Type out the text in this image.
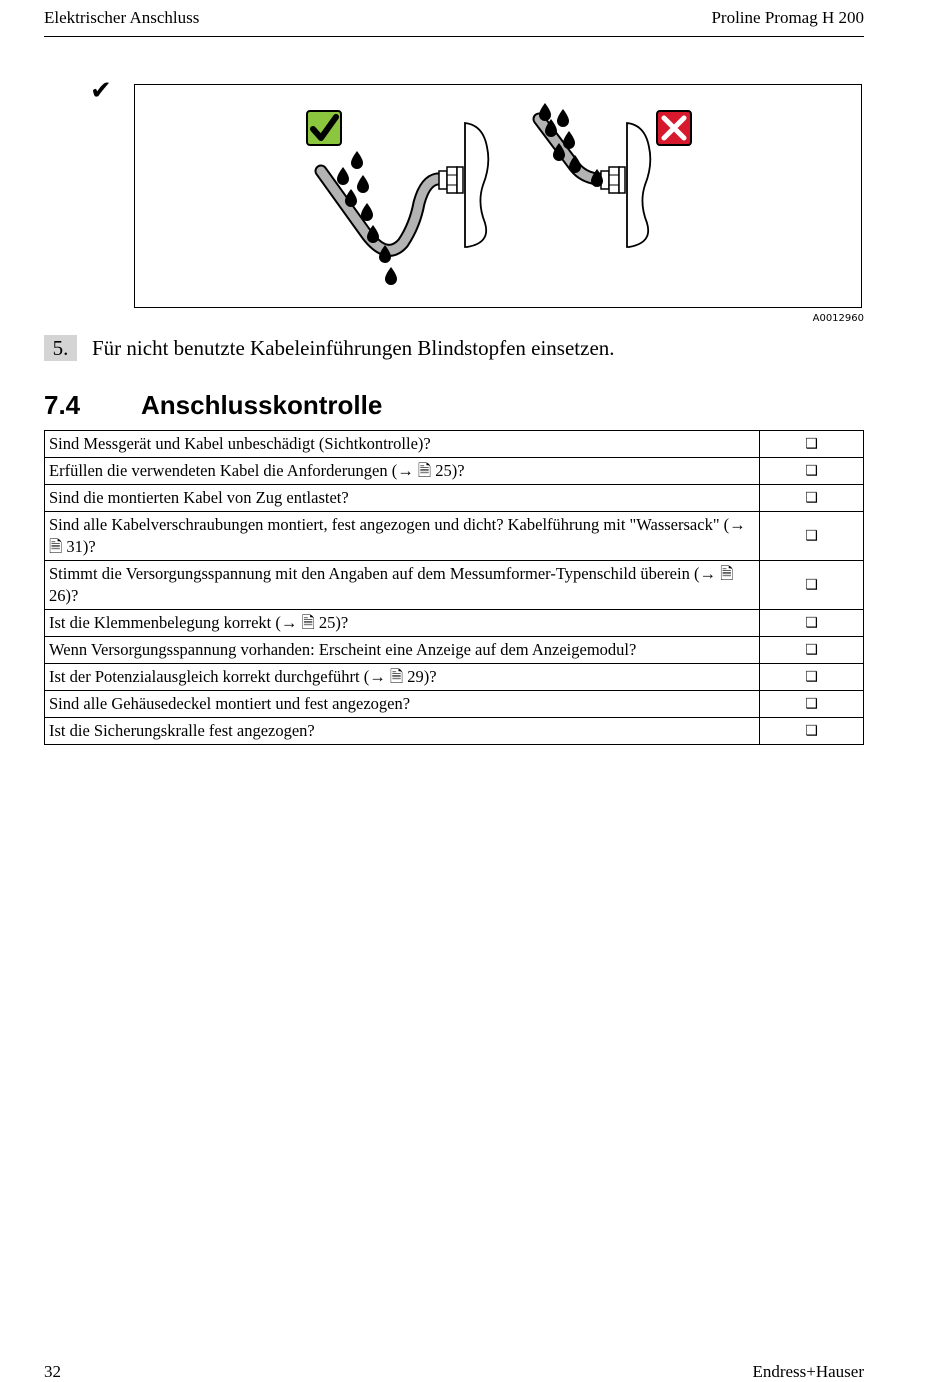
Elektrischer Anschluss	Proline Promag H 200
✔
A0012960
5.	Für nicht benutzte Kabeleinführungen Blindstopfen einsetzen.
7.4 Anschlusskontrolle
Sind Messgerät und Kabel unbeschädigt (Sichtkontrolle)?	❑
Erfüllen die verwendeten Kabel die Anforderungen (→ 🗎 25)?	❑
Sind die montierten Kabel von Zug entlastet?	❑
Sind alle Kabelverschraubungen montiert, fest angezogen und dicht? Kabelführung mit "Wassersack" (→ 🗎 31)?	❑
Stimmt die Versorgungsspannung mit den Angaben auf dem Messumformer-Typenschild überein (→ 🗎 26)?	❑
Ist die Klemmenbelegung korrekt (→ 🗎 25)?	❑
Wenn Versorgungsspannung vorhanden: Erscheint eine Anzeige auf dem Anzeigemodul?	❑
Ist der Potenzialausgleich korrekt durchgeführt (→ 🗎 29)?	❑
Sind alle Gehäusedeckel montiert und fest angezogen?	❑
Ist die Sicherungskralle fest angezogen?	❑
32	Endress+Hauser
